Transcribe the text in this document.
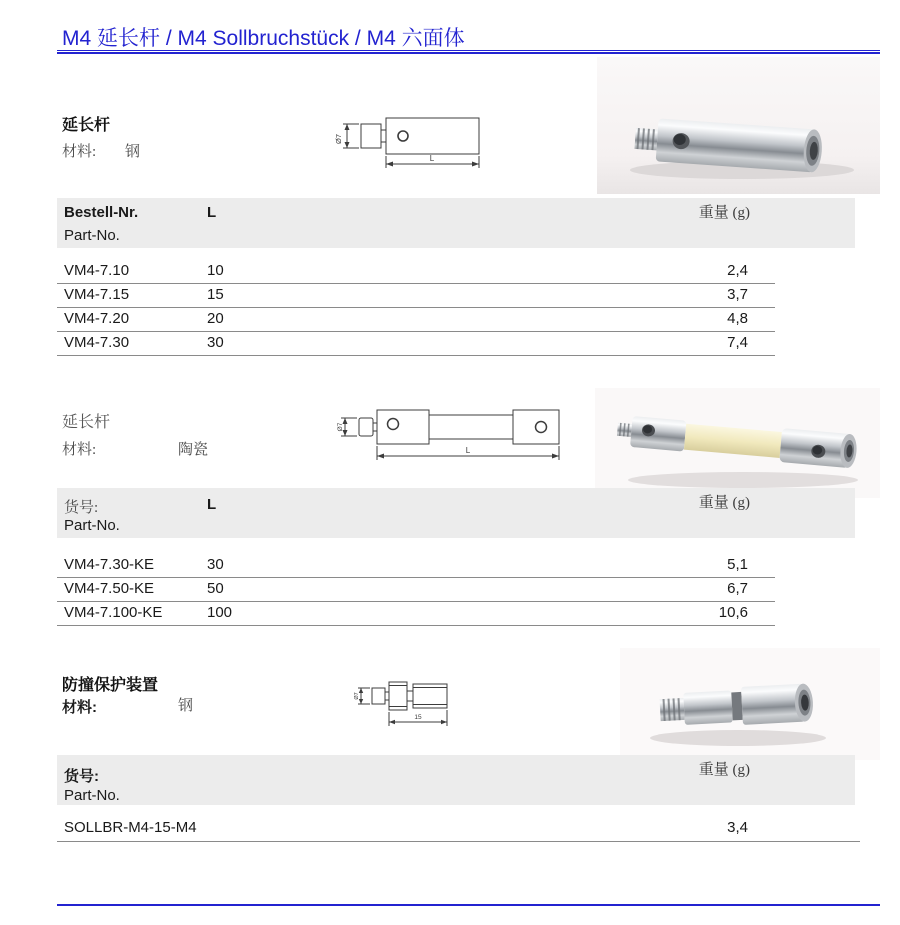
M4 延长杆 / M4 Sollbruchstück / M4 六面体
延长杆
材料: 钢
Ø7
L
Bestell-Nr.
Part-No.
L	重量 (g)
VM4-7.10	10	2,4
VM4-7.15	15	3,7
VM4-7.20	20	4,8
VM4-7.30	30	7,4
延长杆
材料:	陶瓷
Ø7
L
货号:
Part-No.
L	重量 (g)
VM4-7.30-KE	30	5,1
VM4-7.50-KE	50	6,7
VM4-7.100-KE	100	10,6
防撞保护装置
材料:	钢
Ø7
15
货号:
Part-No.
重量 (g)
SOLLBR-M4-15-M4	3,4
